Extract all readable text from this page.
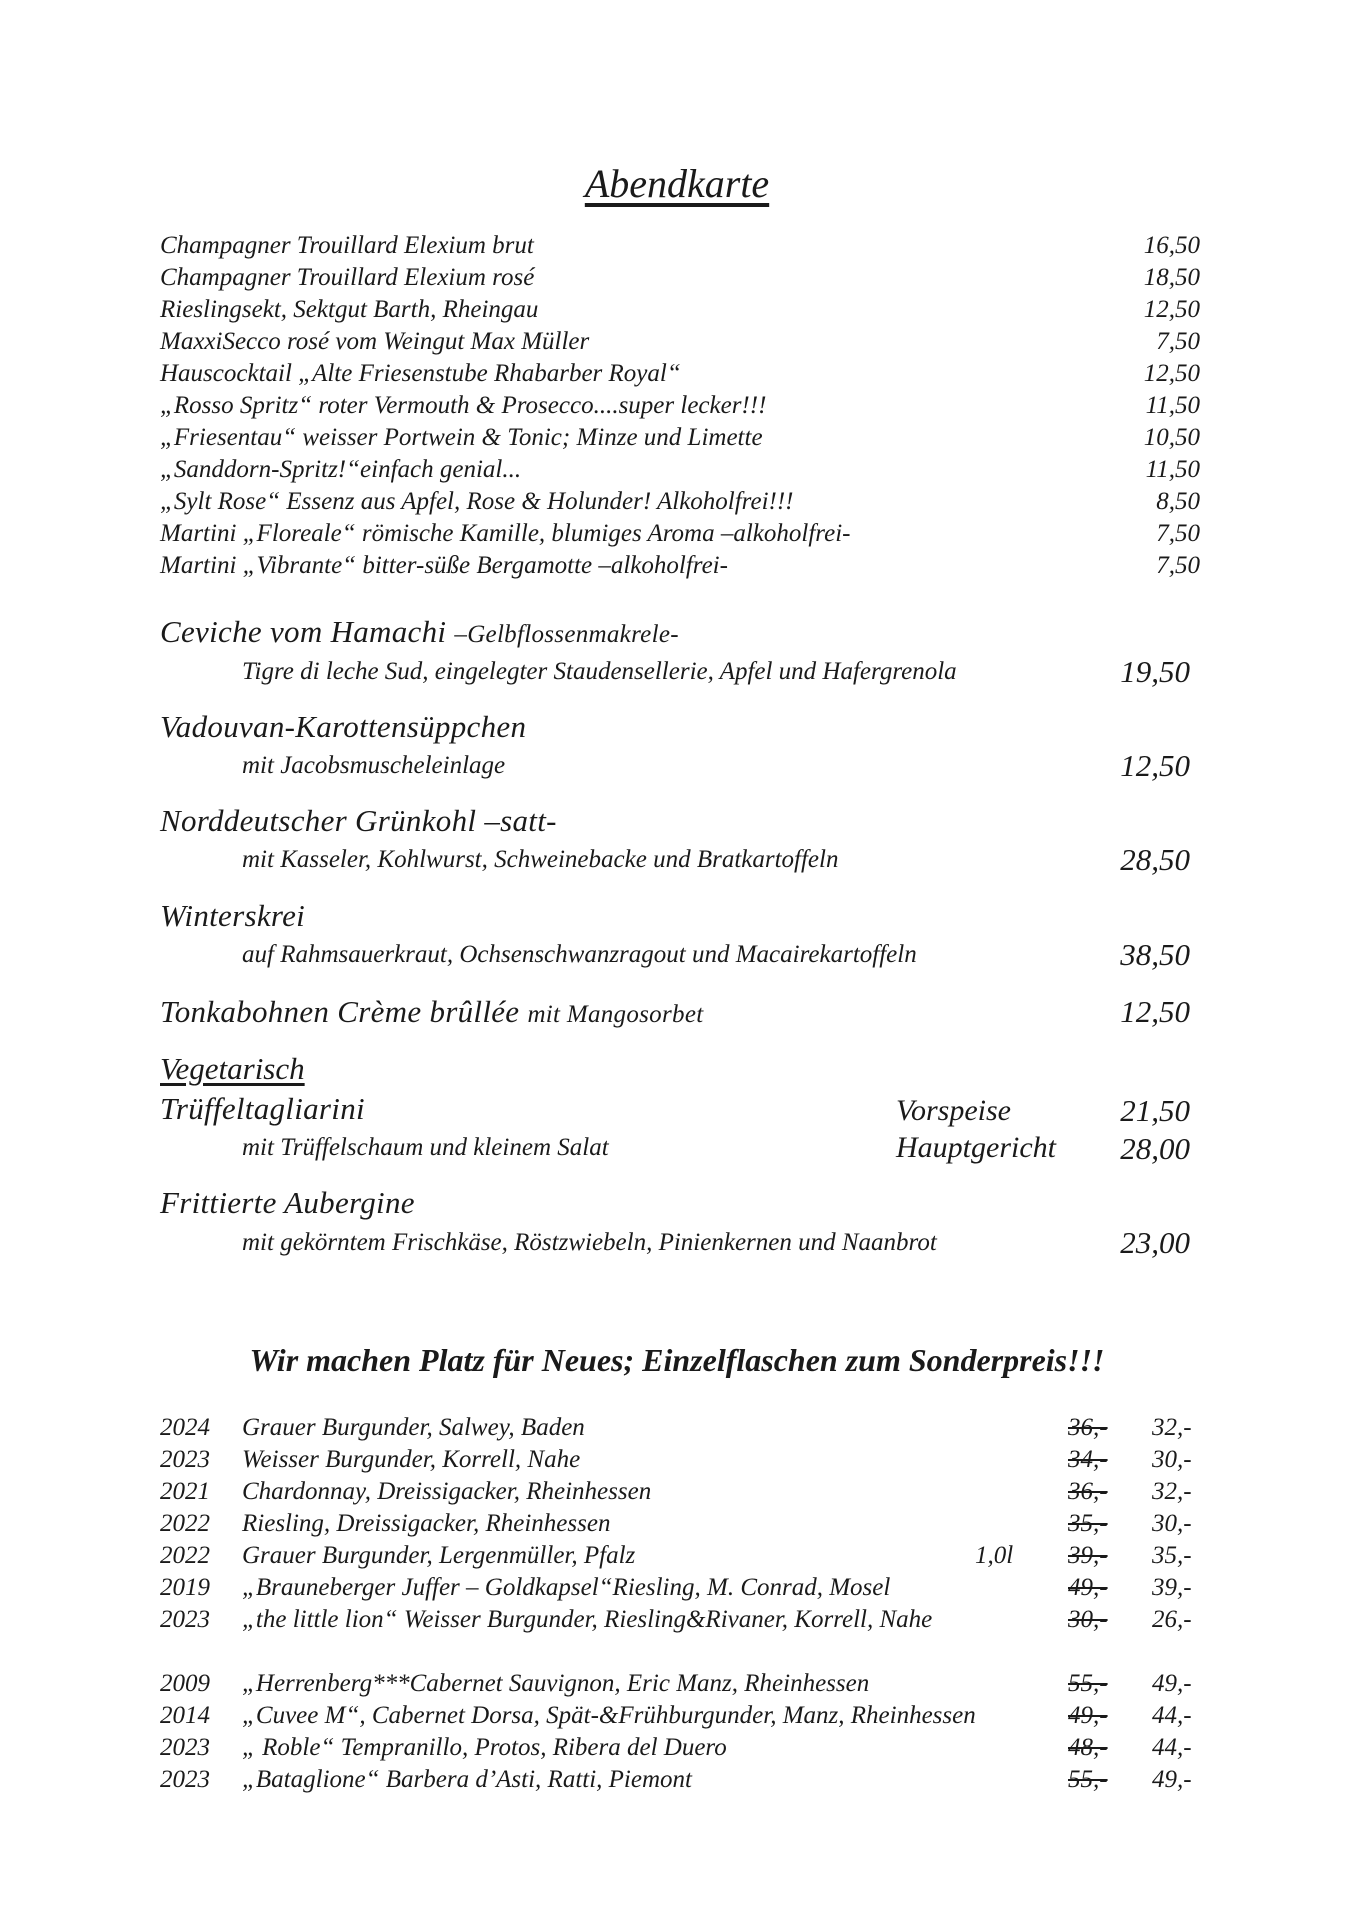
Abendkarte
Champagner Trouillard Elexium brut	16,50
Champagner Trouillard Elexium rosé	18,50
Rieslingsekt, Sektgut Barth, Rheingau	12,50
MaxxiSecco rosé vom Weingut Max Müller	7,50
Hauscocktail „Alte Friesenstube Rhabarber Royal“	12,50
„Rosso Spritz“ roter Vermouth & Prosecco....super lecker!!!	11,50
„Friesentau“ weisser Portwein & Tonic; Minze und Limette	10,50
„Sanddorn-Spritz!“einfach genial...	11,50
„Sylt Rose“ Essenz aus Apfel, Rose & Holunder! Alkoholfrei!!!	8,50
Martini „Floreale“ römische Kamille, blumiges Aroma –alkoholfrei-	7,50
Martini „Vibrante“ bitter-süße Bergamotte –alkoholfrei-	7,50
Ceviche vom Hamachi –Gelbflossenmakrele-
Tigre di leche Sud, eingelegter Staudensellerie, Apfel und Hafergrenola	19,50
Vadouvan-Karottensüppchen
mit Jacobsmuscheleinlage	12,50
Norddeutscher Grünkohl –satt-
mit Kasseler, Kohlwurst, Schweinebacke und Bratkartoffeln	28,50
Winterskrei
auf Rahmsauerkraut, Ochsenschwanzragout und Macairekartoffeln	38,50
Tonkabohnen Crème brûllée mit Mangosorbet	12,50
Vegetarisch
Trüffeltagliarini	Vorspeise	21,50
mit Trüffelschaum und kleinem Salat	Hauptgericht 28,00
Frittierte Aubergine
mit gekörntem Frischkäse, Röstzwiebeln, Pinienkernen und Naanbrot	23,00
Wir machen Platz für Neues; Einzelflaschen zum Sonderpreis!!!
2024 Grauer Burgunder, Salwey, Baden	36,- 32,-
2023 Weisser Burgunder, Korrell, Nahe	34,- 30,-
2021 Chardonnay, Dreissigacker, Rheinhessen	36,- 32,-
2022 Riesling, Dreissigacker, Rheinhessen	35,- 30,-
2022 Grauer Burgunder, Lergenmüller, Pfalz	1,0l 39,- 35,-
2019 „Brauneberger Juffer – Goldkapsel“Riesling, M. Conrad, Mosel	49,- 39,-
2023 „the little lion“ Weisser Burgunder, Riesling&Rivaner, Korrell, Nahe	30,- 26,-
2009 „Herrenberg***Cabernet Sauvignon, Eric Manz, Rheinhessen	55,- 49,-
2014 „Cuvee M“, Cabernet Dorsa, Spät-&Frühburgunder, Manz, Rheinhessen	49,- 44,-
2023 „ Roble“ Tempranillo, Protos, Ribera del Duero	48,- 44,-
2023 „Bataglione“ Barbera d’Asti, Ratti, Piemont	55,- 49,-
